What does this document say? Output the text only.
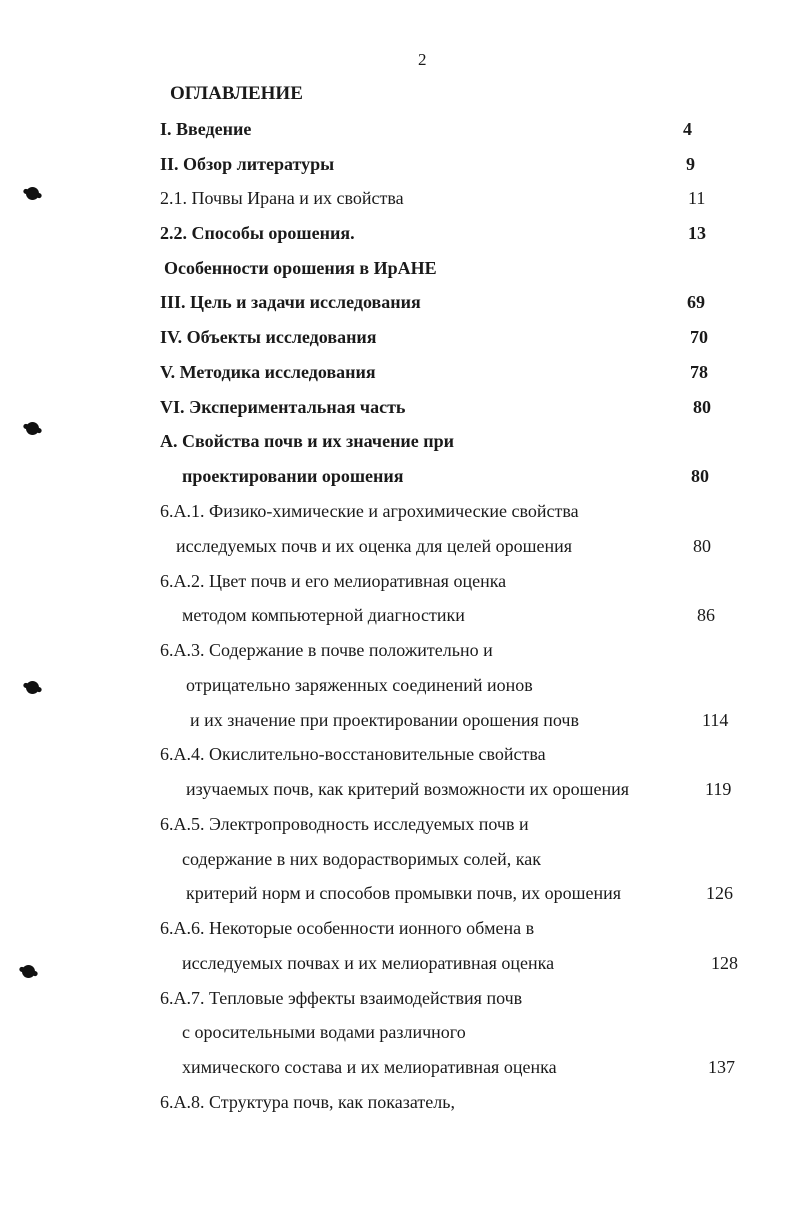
2
ОГЛАВЛЕНИЕ
I. Введение	4
II. Обзор литературы	9
2.1. Почвы Ирана и их свойства	11
2.2. Способы орошения.	13
Особенности орошения в ИрАНЕ
III. Цель и задачи исследования	69
IV. Объекты исследования	70
V. Методика исследования	78
VI. Экспериментальная часть	80
А. Свойства почв и их значение при
проектировании орошения	80
6.А.1. Физико-химические и агрохимические свойства
исследуемых почв и их оценка для целей орошения	80
6.А.2. Цвет почв и его мелиоративная оценка
методом компьютерной диагностики	86
6.А.3. Содержание в почве положительно и
отрицательно заряженных соединений ионов
и их значение при проектировании орошения почв	114
6.А.4. Окислительно-восстановительные свойства
изучаемых почв, как критерий возможности их орошения	119
6.А.5. Электропроводность исследуемых почв и
содержание в них водорастворимых солей, как
критерий норм и способов промывки почв, их орошения	126
6.А.6. Некоторые особенности ионного обмена в
исследуемых почвах и их мелиоративная оценка	128
6.А.7. Тепловые эффекты взаимодействия почв
с оросительными водами различного
химического состава и их мелиоративная оценка	137
6.А.8. Структура почв, как показатель,
